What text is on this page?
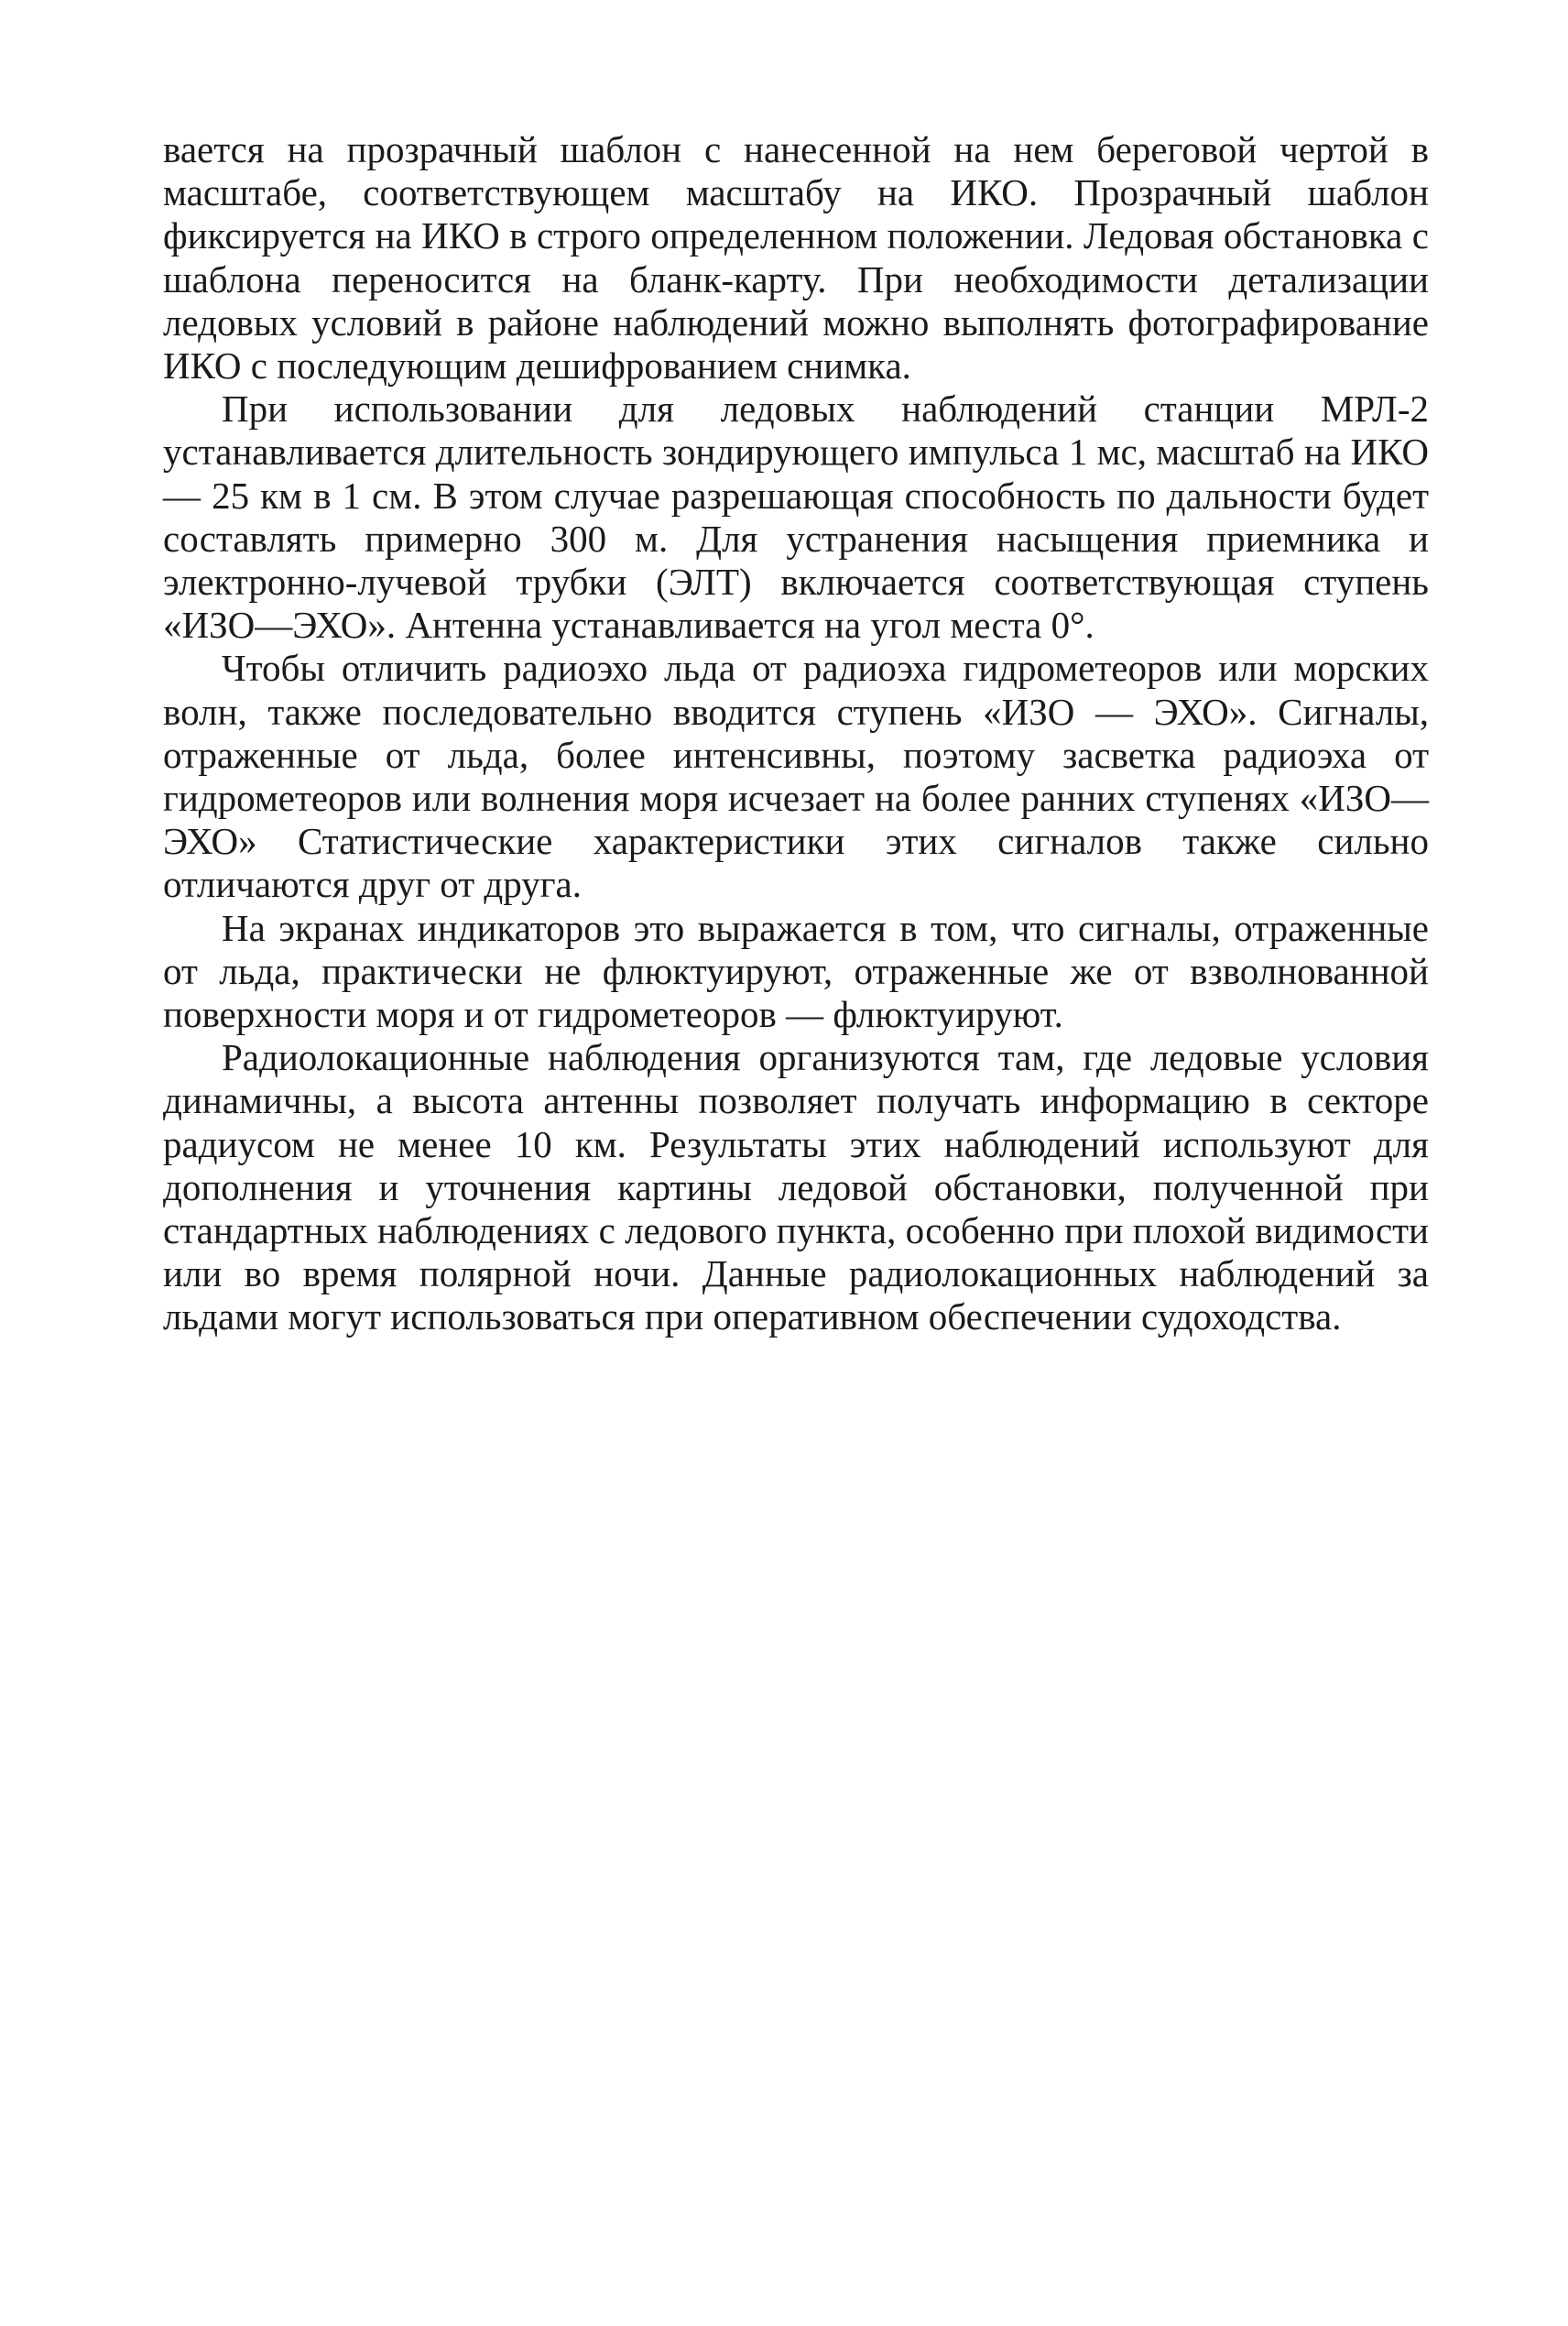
вается на прозрачный шаблон с нанесенной на нем береговой чертой в масштабе, соответствующем масштабу на ИКО. Прозрачный шаблон фиксируется на ИКО в строго определенном положении. Ледовая обстановка с шаблона переносится на бланк-карту. При необходимости детализации ледовых условий в районе наблюдений можно выполнять фотографирование ИКО с последующим дешифрованием снимка.

При использовании для ледовых наблюдений станции МРЛ-2 устанавливается длительность зондирующего импульса 1 мс, масштаб на ИКО — 25 км в 1 см. В этом случае разрешающая способность по дальности будет составлять примерно 300 м. Для устранения насыщения приемника и электронно-лучевой трубки (ЭЛТ) включается соответствующая ступень «ИЗО—ЭХО». Антенна устанавливается на угол места 0°.

Чтобы отличить радиоэхо льда от радиоэха гидрометеоров или морских волн, также последовательно вводится ступень «ИЗО — ЭХО». Сигналы, отраженные от льда, более интенсивны, поэтому засветка радиоэха от гидрометеоров или волнения моря исчезает на более ранних ступенях «ИЗО—ЭХО» Статистические характеристики этих сигналов также сильно отличаются друг от друга.

На экранах индикаторов это выражается в том, что сигналы, отраженные от льда, практически не флюктуируют, отраженные же от взволнованной поверхности моря и от гидрометеоров — флюктуируют.

Радиолокационные наблюдения организуются там, где ледовые условия динамичны, а высота антенны позволяет получать информацию в секторе радиусом не менее 10 км. Результаты этих наблюдений используют для дополнения и уточнения картины ледовой обстановки, полученной при стандартных наблюдениях с ледового пункта, особенно при плохой видимости или во время полярной ночи. Данные радиолокационных наблюдений за льдами могут использоваться при оперативном обеспечении судоходства.
